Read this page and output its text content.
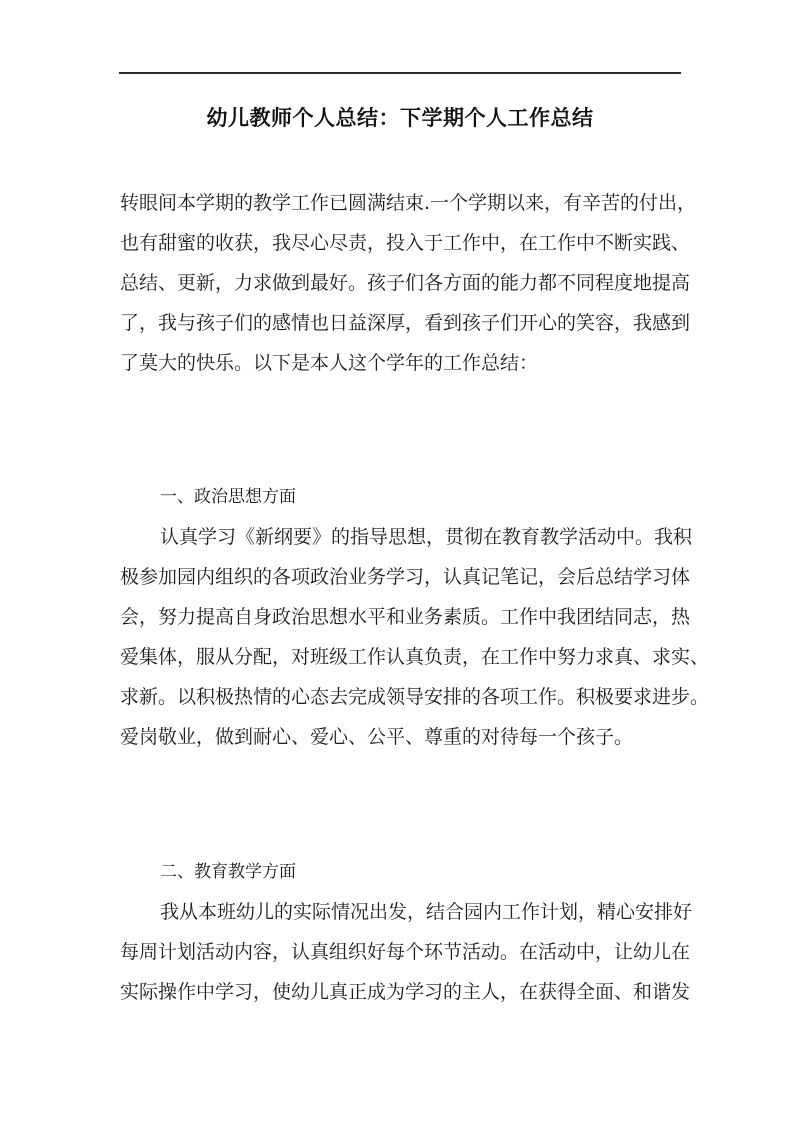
幼儿教师个人总结：下学期个人工作总结
转眼间本学期的教学工作已圆满结束.一个学期以来，有辛苦的付出，
也有甜蜜的收获，我尽心尽责，投入于工作中，在工作中不断实践、
总结、更新，力求做到最好。孩子们各方面的能力都不同程度地提高
了，我与孩子们的感情也日益深厚，看到孩子们开心的笑容，我感到
了莫大的快乐。以下是本人这个学年的工作总结：
一、政治思想方面
认真学习《新纲要》的指导思想，贯彻在教育教学活动中。我积
极参加园内组织的各项政治业务学习，认真记笔记，会后总结学习体
会，努力提高自身政治思想水平和业务素质。工作中我团结同志，热
爱集体，服从分配，对班级工作认真负责，在工作中努力求真、求实、
求新。以积极热情的心态去完成领导安排的各项工作。积极要求进步。
爱岗敬业，做到耐心、爱心、公平、尊重的对待每一个孩子。
二、教育教学方面
我从本班幼儿的实际情况出发，结合园内工作计划，精心安排好
每周计划活动内容，认真组织好每个环节活动。在活动中，让幼儿在
实际操作中学习，使幼儿真正成为学习的主人，在获得全面、和谐发
